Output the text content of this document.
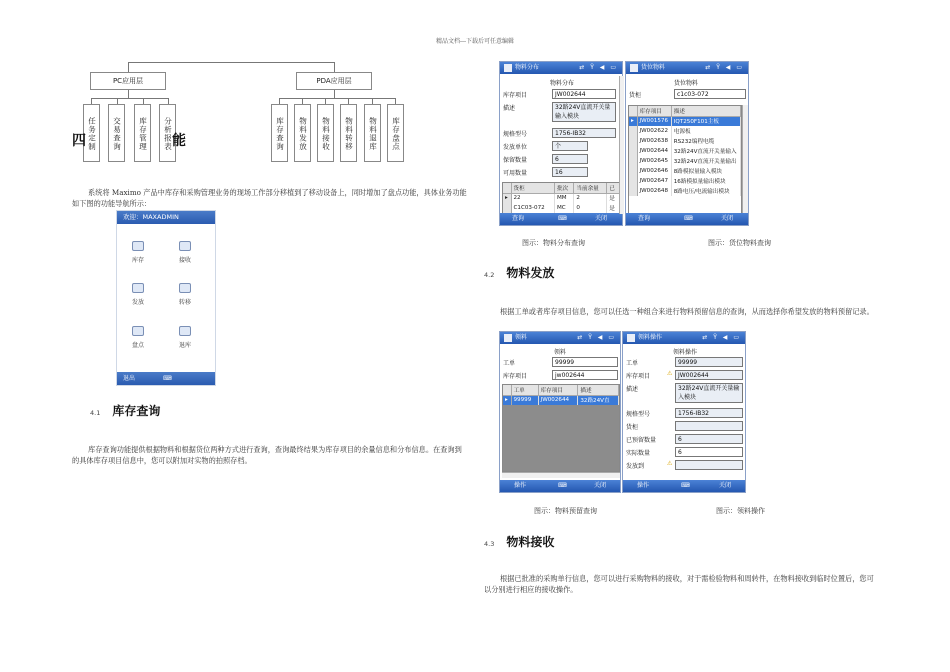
精品文档---下载后可任意编辑
PC应用层	PDA应用层
任务定制	交易查询	库存管理	分析报表	库存查询	物料发放	物料接收	物料转移	物料退库	库存盘点
四	能
系统将 Maximo 产品中库存和采购管理业务的现场工作部分移植到了移动设备上，同时增加了盘点功能，具体业务功能如下图的功能导航所示：
欢迎：MAXADMIN
库存	接收
发放	转移
盘点	退库
退出	⌨
4.1 库存查询
库存查询功能提供根据物料和根据货位两种方式进行查询，查询最终结果为库存项目的余量信息和分布信息。在查询到的具体库存项目信息中，您可以附加对实物的拍照存档。
物料分布	⇄ Ÿ ◀ ▭
物料分布
库存项目	JW002644
描述	32路24V直流开关量输入模块
规格型号	1756-IB32
发放单位	个
保留数量	6
可用数量	16
	货柜	批次	当前余量	已
▸	22	MM	2	是
	C1C03-072	MC	0	是
查询	⌨	关闭
货位物料	⇄ Ÿ ◀ ▭
货位物料
货柜	c1c03-072
	库存项目	描述
▸	JW001576	IQT250F101主板
	JW002622	电源板
	JW002638	RS232编程电缆
	JW002644	32路24V直流开关量输入
	JW002645	32路24V直流开关量输出
	JW002646	8路模拟量输入模块
	JW002647	16路模拟量输出模块
	JW002648	8路电压/电流输出模块
查询	⌨	关闭
图示：物料分布查询	图示：货位物料查询
4.2 物料发放
根据工单或者库存项目信息，您可以任选一种组合来进行物料预留信息的查询，从而选择你希望发放的物料预留记录。
领料	⇄ Ÿ ◀ ▭
领料
工单	99999
库存项目	jw002644
	工单	库存项目	描述
▸	99999	JW002644	32路24V直
操作	⌨	关闭
领料操作	⇄ Ÿ ◀ ▭
领料操作
工单	99999
库存项目	⚠ JW002644
描述	32路24V直流开关量输入模块
规格型号	1756-IB32
货柜
已预留数量	6
实际数量	6
发放到	⚠
操作	⌨	关闭
图示：物料预留查询	图示：领料操作
4.3 物料接收
根据已批准的采购单行信息，您可以进行采购物料的接收，对于需检验物料和周转件，在物料接收到临时位置后，您可以分别进行相应的接收操作。
